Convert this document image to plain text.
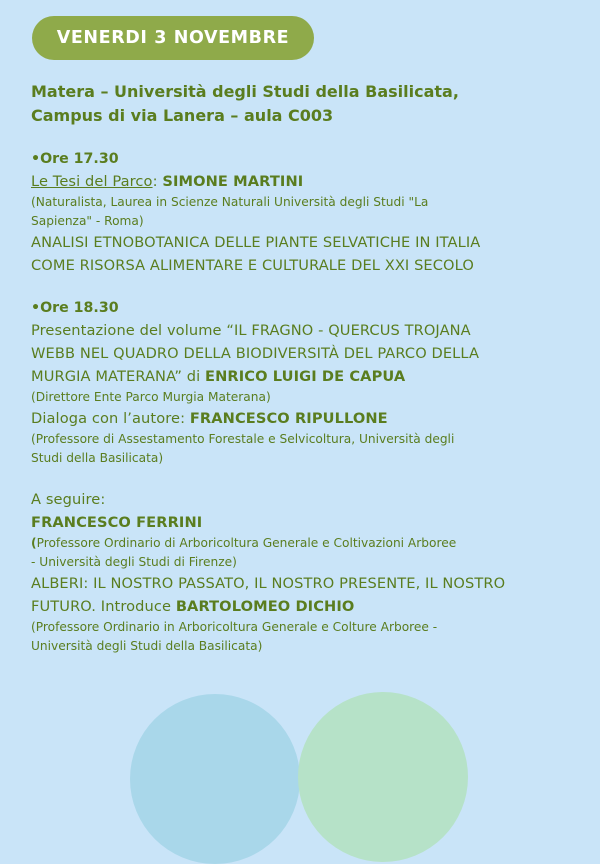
VENERDI 3 NOVEMBRE
Matera – Università degli Studi della Basilicata,
Campus di via Lanera – aula C003
•Ore 17.30
Le Tesi del Parco: SIMONE MARTINI
(Naturalista, Laurea in Scienze Naturali Università degli Studi "La
Sapienza" - Roma)
ANALISI ETNOBOTANICA DELLE PIANTE SELVATICHE IN ITALIA
COME RISORSA ALIMENTARE E CULTURALE DEL XXI SECOLO
•Ore 18.30
Presentazione del volume “IL FRAGNO - QUERCUS TROJANA
WEBB NEL QUADRO DELLA BIODIVERSITÀ DEL PARCO DELLA
MURGIA MATERANA” di ENRICO LUIGI DE CAPUA
(Direttore Ente Parco Murgia Materana)
Dialoga con l’autore: FRANCESCO RIPULLONE
(Professore di Assestamento Forestale e Selvicoltura, Università degli
Studi della Basilicata)
A seguire:
FRANCESCO FERRINI
(Professore Ordinario di Arboricoltura Generale e Coltivazioni Arboree
- Università degli Studi di Firenze)
ALBERI: IL NOSTRO PASSATO, IL NOSTRO PRESENTE, IL NOSTRO
FUTURO. Introduce BARTOLOMEO DICHIO
(Professore Ordinario in Arboricoltura Generale e Colture Arboree -
Università degli Studi della Basilicata)
